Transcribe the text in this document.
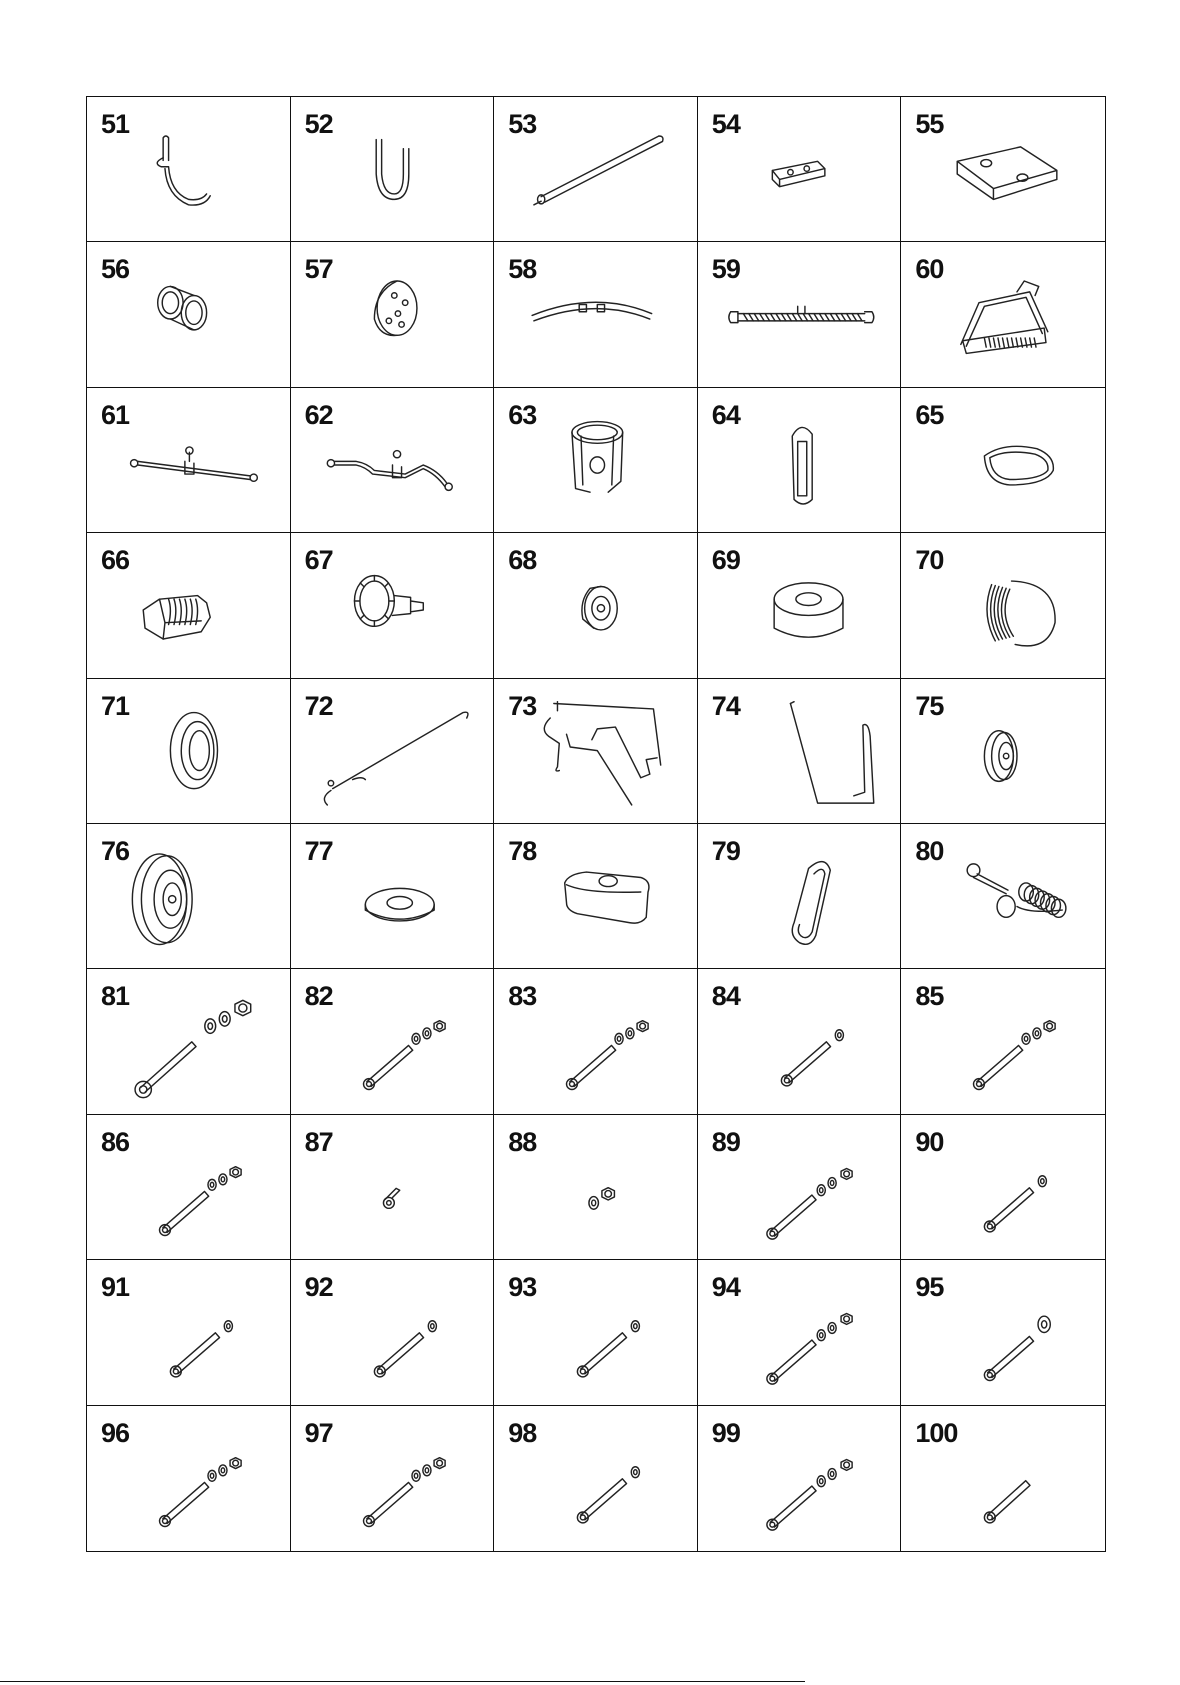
51	52	53	54	55
56	57	58	59	60
61	62	63	64	65
66	67	68	69	70
71	72	73	74	75
76	77	78	79	80
81	82	83	84	85
86	87	88	89	90
91	92	93	94	95
96	97	98	99	100
